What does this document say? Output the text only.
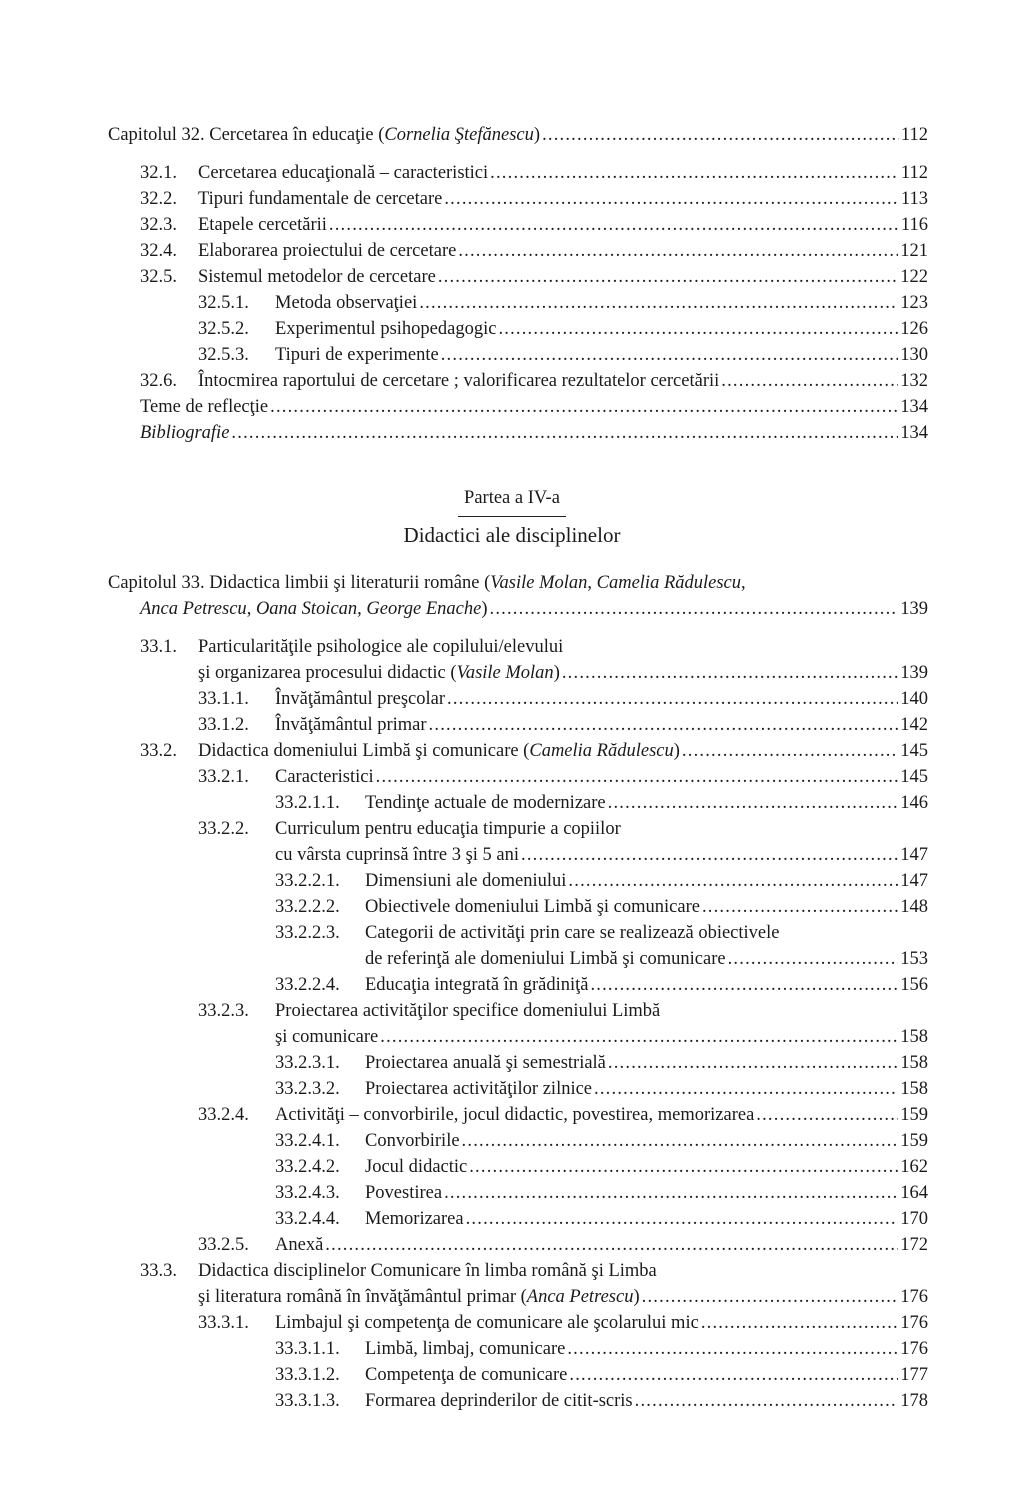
Capitolul 32. Cercetarea în educaţie (Cornelia Ştefănescu) .....	112
32.1.	Cercetarea educaţională – caracteristici .....	112
32.2.	Tipuri fundamentale de cercetare .....	113
32.3.	Etapele cercetării .....	116
32.4.	Elaborarea proiectului de cercetare .....	121
32.5.	Sistemul metodelor de cercetare .....	122
32.5.1.	Metoda observaţiei .....	123
32.5.2.	Experimentul psihopedagogic .....	126
32.5.3.	Tipuri de experimente .....	130
32.6.	Întocmirea raportului de cercetare ; valorificarea rezultatelor cercetării .....	132
Teme de reflecţie .....	134
Bibliografie .....	134
Partea a IV-a
Didactici ale disciplinelor
Capitolul 33. Didactica limbii şi literaturii române (Vasile Molan, Camelia Rădulescu,
Anca Petrescu, Oana Stoican, George Enache) .....	139
33.1.	Particularităţile psihologice ale copilului/elevului
şi organizarea procesului didactic (Vasile Molan) .....	139
33.1.1.	Învăţământul preşcolar .....	140
33.1.2.	Învăţământul primar .....	142
33.2.	Didactica domeniului Limbă şi comunicare (Camelia Rădulescu) .....	145
33.2.1.	Caracteristici .....	145
33.2.1.1.	Tendinţe actuale de modernizare .....	146
33.2.2.	Curriculum pentru educaţia timpurie a copiilor
cu vârsta cuprinsă între 3 şi 5 ani .....	147
33.2.2.1.	Dimensiuni ale domeniului .....	147
33.2.2.2.	Obiectivele domeniului Limbă şi comunicare .....	148
33.2.2.3.	Categorii de activităţi prin care se realizează obiectivele
de referinţă ale domeniului Limbă şi comunicare .....	153
33.2.2.4.	Educaţia integrată în grădiniţă .....	156
33.2.3.	Proiectarea activităţilor specifice domeniului Limbă
şi comunicare .....	158
33.2.3.1.	Proiectarea anuală şi semestrială .....	158
33.2.3.2.	Proiectarea activităţilor zilnice .....	158
33.2.4.	Activităţi – convorbirile, jocul didactic, povestirea, memorizarea .....	159
33.2.4.1.	Convorbirile .....	159
33.2.4.2.	Jocul didactic .....	162
33.2.4.3.	Povestirea .....	164
33.2.4.4.	Memorizarea .....	170
33.2.5.	Anexă .....	172
33.3.	Didactica disciplinelor Comunicare în limba română şi Limba
şi literatura română în învăţământul primar (Anca Petrescu) .....	176
33.3.1.	Limbajul şi competenţa de comunicare ale şcolarului mic .....	176
33.3.1.1.	Limbă, limbaj, comunicare .....	176
33.3.1.2.	Competenţa de comunicare .....	177
33.3.1.3.	Formarea deprinderilor de citit-scris .....	178
